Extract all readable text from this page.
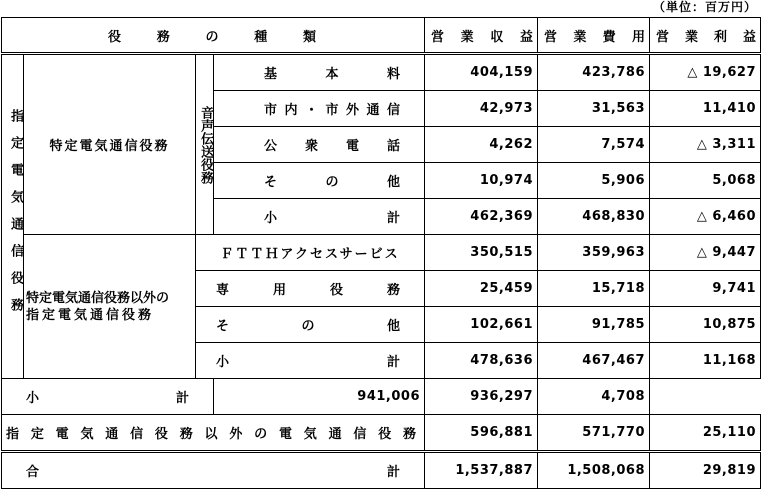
（単位：百万円）
役務の種類				営業収益	営業費用	営業利益

指定電気通信役務	特定電気通信役務	音声伝送役務	基本料	404,159	423,786	△ 19,627
			市内・市外通信	42,973	31,563	11,410
			公衆電話	4,262	7,574	△ 3,311
			その他	10,974	5,906	5,068
			小計	462,369	468,830	△ 6,460

	特定電気通信役務以外の
指定電気通信役務	ＦＴＴＨアクセスサービス		350,515	359,963	△ 9,447
		専用役務		25,459	15,718	9,741
		その他		102,661	91,785	10,875
		小計		478,636	467,467	11,168
小計			941,006	936,297	4,708	
指定電気通信役務以外の電気通信役務				596,881	571,770	25,110
合計				1,537,887	1,508,068	29,819
